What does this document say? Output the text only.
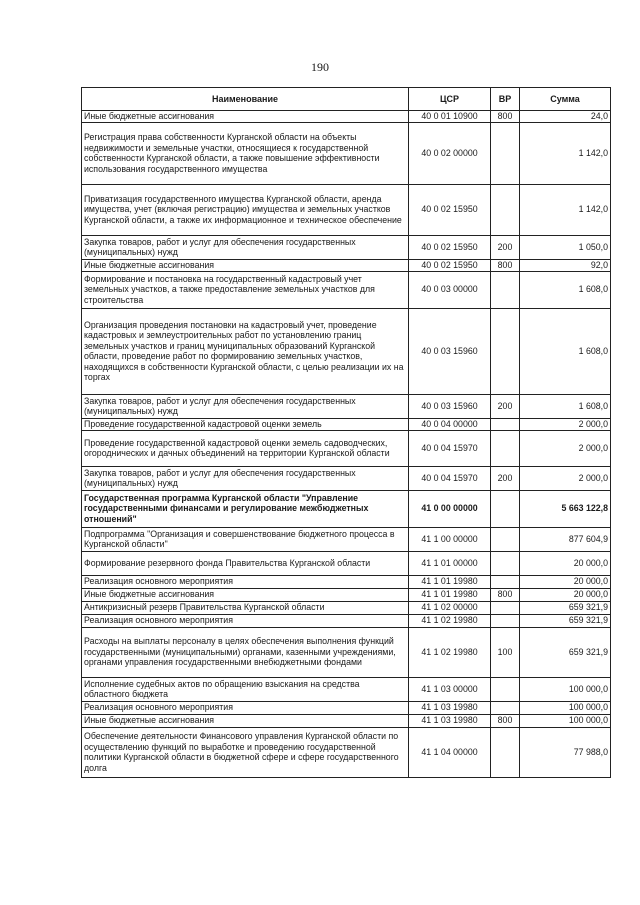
190
Наименование	ЦСР	ВР	Сумма
Иные бюджетные ассигнования	40 0 01 10900	800	24,0
Регистрация права собственности Курганской области на объекты недвижимости и земельные участки, относящиеся к государственной собственности Курганской области, а также повышение эффективности использования государственного имущества	40 0 02 00000		1 142,0
Приватизация государственного имущества Курганской области, аренда имущества, учет (включая регистрацию) имущества и земельных участков Курганской области, а также их информационное и техническое обеспечение	40 0 02 15950		1 142,0
Закупка товаров, работ и услуг для обеспечения государственных (муниципальных) нужд	40 0 02 15950	200	1 050,0
Иные бюджетные ассигнования	40 0 02 15950	800	92,0
Формирование и постановка на государственный кадастровый учет земельных участков, а также предоставление земельных участков для строительства	40 0 03 00000		1 608,0
Организация проведения постановки на кадастровый учет, проведение кадастровых и землеустроительных работ по установлению границ земельных участков и границ муниципальных образований Курганской области, проведение работ по формированию земельных участков, находящихся в собственности Курганской области, с целью реализации их на торгах	40 0 03 15960		1 608,0
Закупка товаров, работ и услуг для обеспечения государственных (муниципальных) нужд	40 0 03 15960	200	1 608,0
Проведение государственной кадастровой оценки земель	40 0 04 00000		2 000,0
Проведение государственной кадастровой оценки земель садоводческих, огороднических и дачных объединений на территории Курганской области	40 0 04 15970		2 000,0
Закупка товаров, работ и услуг для обеспечения государственных (муниципальных) нужд	40 0 04 15970	200	2 000,0
Государственная программа Курганской области "Управление государственными финансами и регулирование межбюджетных отношений"	41 0 00 00000		5 663 122,8
Подпрограмма "Организация и совершенствование бюджетного процесса в Курганской области"	41 1 00 00000		877 604,9
Формирование резервного фонда Правительства Курганской области	41 1 01 00000		20 000,0
Реализация основного мероприятия	41 1 01 19980		20 000,0
Иные бюджетные ассигнования	41 1 01 19980	800	20 000,0
Антикризисный резерв Правительства Курганской области	41 1 02 00000		659 321,9
Реализация основного мероприятия	41 1 02 19980		659 321,9
Расходы на выплаты персоналу в целях обеспечения выполнения функций государственными (муниципальными) органами, казенными учреждениями, органами управления государственными внебюджетными фондами	41 1 02 19980	100	659 321,9
Исполнение судебных актов по обращению взыскания на средства областного бюджета	41 1 03 00000		100 000,0
Реализация основного мероприятия	41 1 03 19980		100 000,0
Иные бюджетные ассигнования	41 1 03 19980	800	100 000,0
Обеспечение деятельности Финансового управления Курганской области по осуществлению функций по выработке и проведению государственной политики Курганской области в бюджетной сфере и сфере государственного долга	41 1 04 00000		77 988,0
